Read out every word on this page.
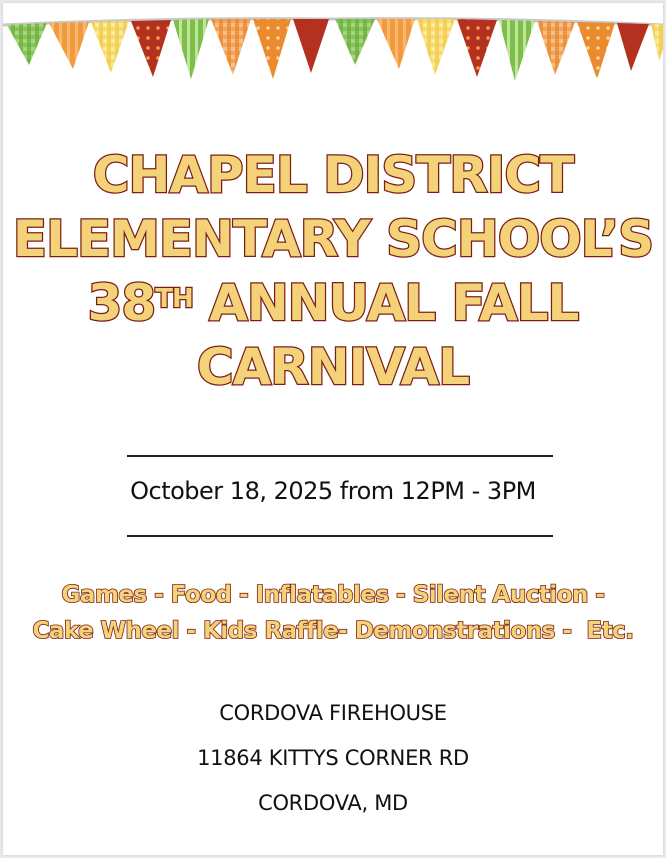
CHAPEL DISTRICT
ELEMENTARY SCHOOL’S
38TH ANNUAL FALL
CARNIVAL
October 18, 2025 from 12PM - 3PM
Games - Food - Inflatables - Silent Auction -
Cake Wheel - Kids Raffle- Demonstrations -  Etc.
CORDOVA FIREHOUSE
11864 KITTYS CORNER RD
CORDOVA, MD
